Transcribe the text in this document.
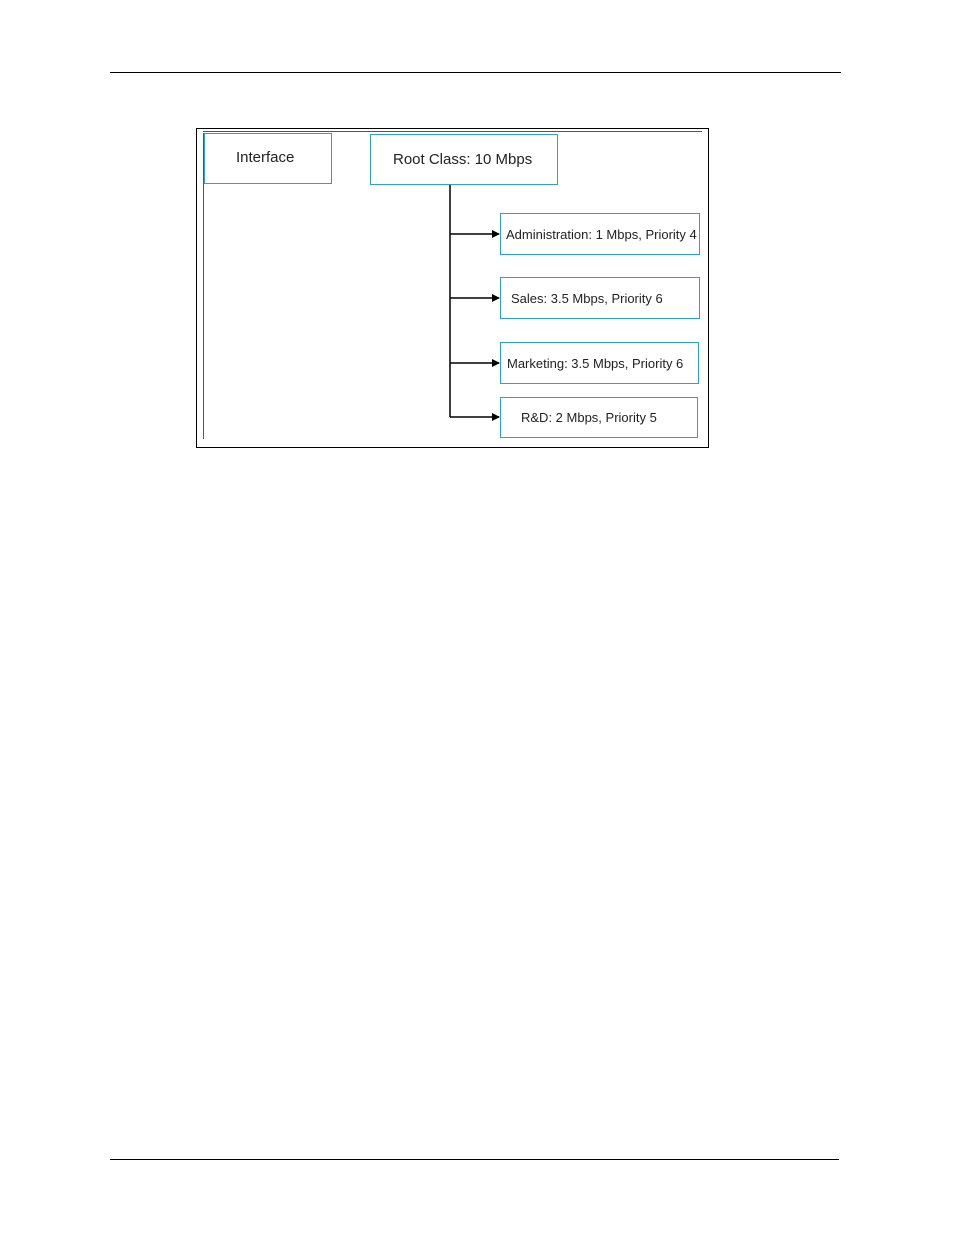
Interface	Root Class: 10 Mbps
Administration: 1 Mbps, Priority 4
Sales: 3.5 Mbps, Priority 6
Marketing: 3.5 Mbps, Priority 6
R&D: 2 Mbps, Priority 5
